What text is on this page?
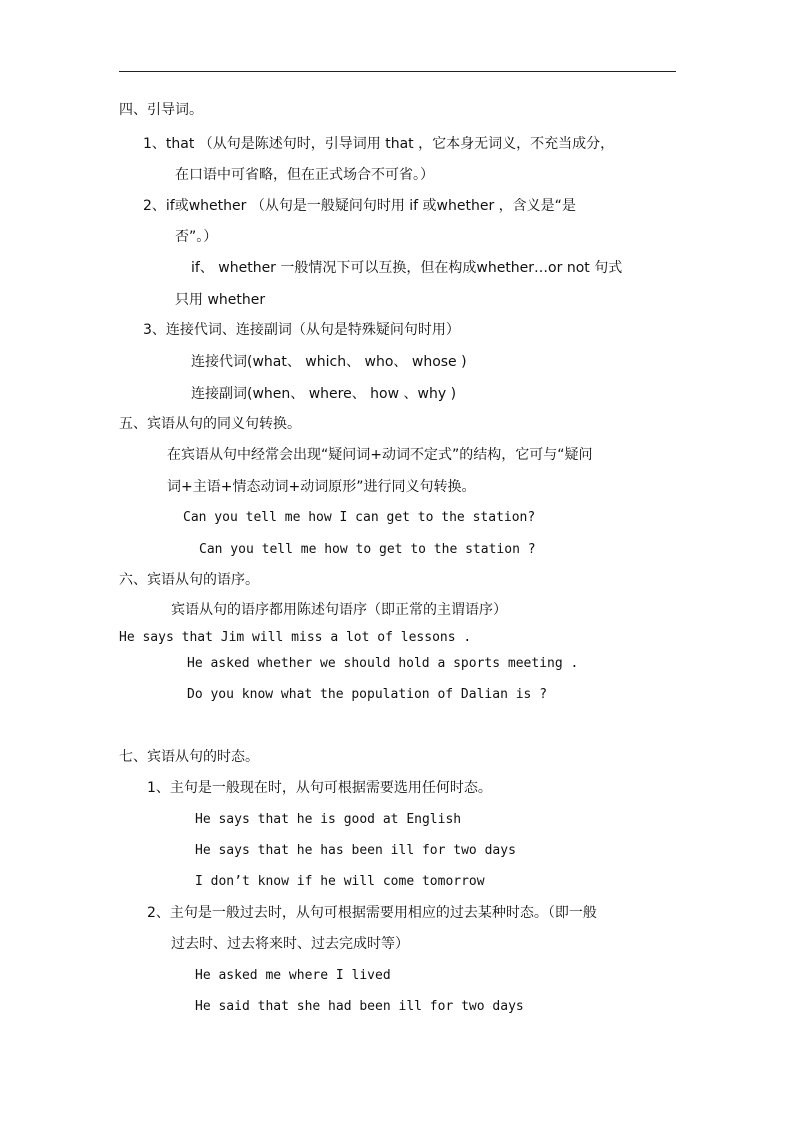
四、引导词。
1、that （从句是陈述句时，引导词用 that ，它本身无词义，不充当成分，
在口语中可省略，但在正式场合不可省。）
2、if或whether （从句是一般疑问句时用 if 或whether ，含义是“是
否”。）
if、 whether 一般情况下可以互换，但在构成whether…or not 句式
只用 whether
3、连接代词、连接副词（从句是特殊疑问句时用）
连接代词(what、 which、 who、 whose )
连接副词(when、 where、 how 、why )
五、宾语从句的同义句转换。
在宾语从句中经常会出现“疑问词+动词不定式”的结构，它可与“疑问
词+主语+情态动词+动词原形”进行同义句转换。
Can you tell me how I can get to the station?
Can you tell me how to get to the station ?
六、宾语从句的语序。
宾语从句的语序都用陈述句语序（即正常的主谓语序）
He says that Jim will miss a lot of lessons .
He asked whether we should hold a sports meeting .
Do you know what the population of Dalian is ?
七、宾语从句的时态。
1、主句是一般现在时，从句可根据需要选用任何时态。
He says that he is good at English
He says that he has been ill for two days
I don’t know if he will come tomorrow
2、主句是一般过去时，从句可根据需要用相应的过去某种时态。（即一般
过去时、过去将来时、过去完成时等）
He asked me where I lived
He said that she had been ill for two days
